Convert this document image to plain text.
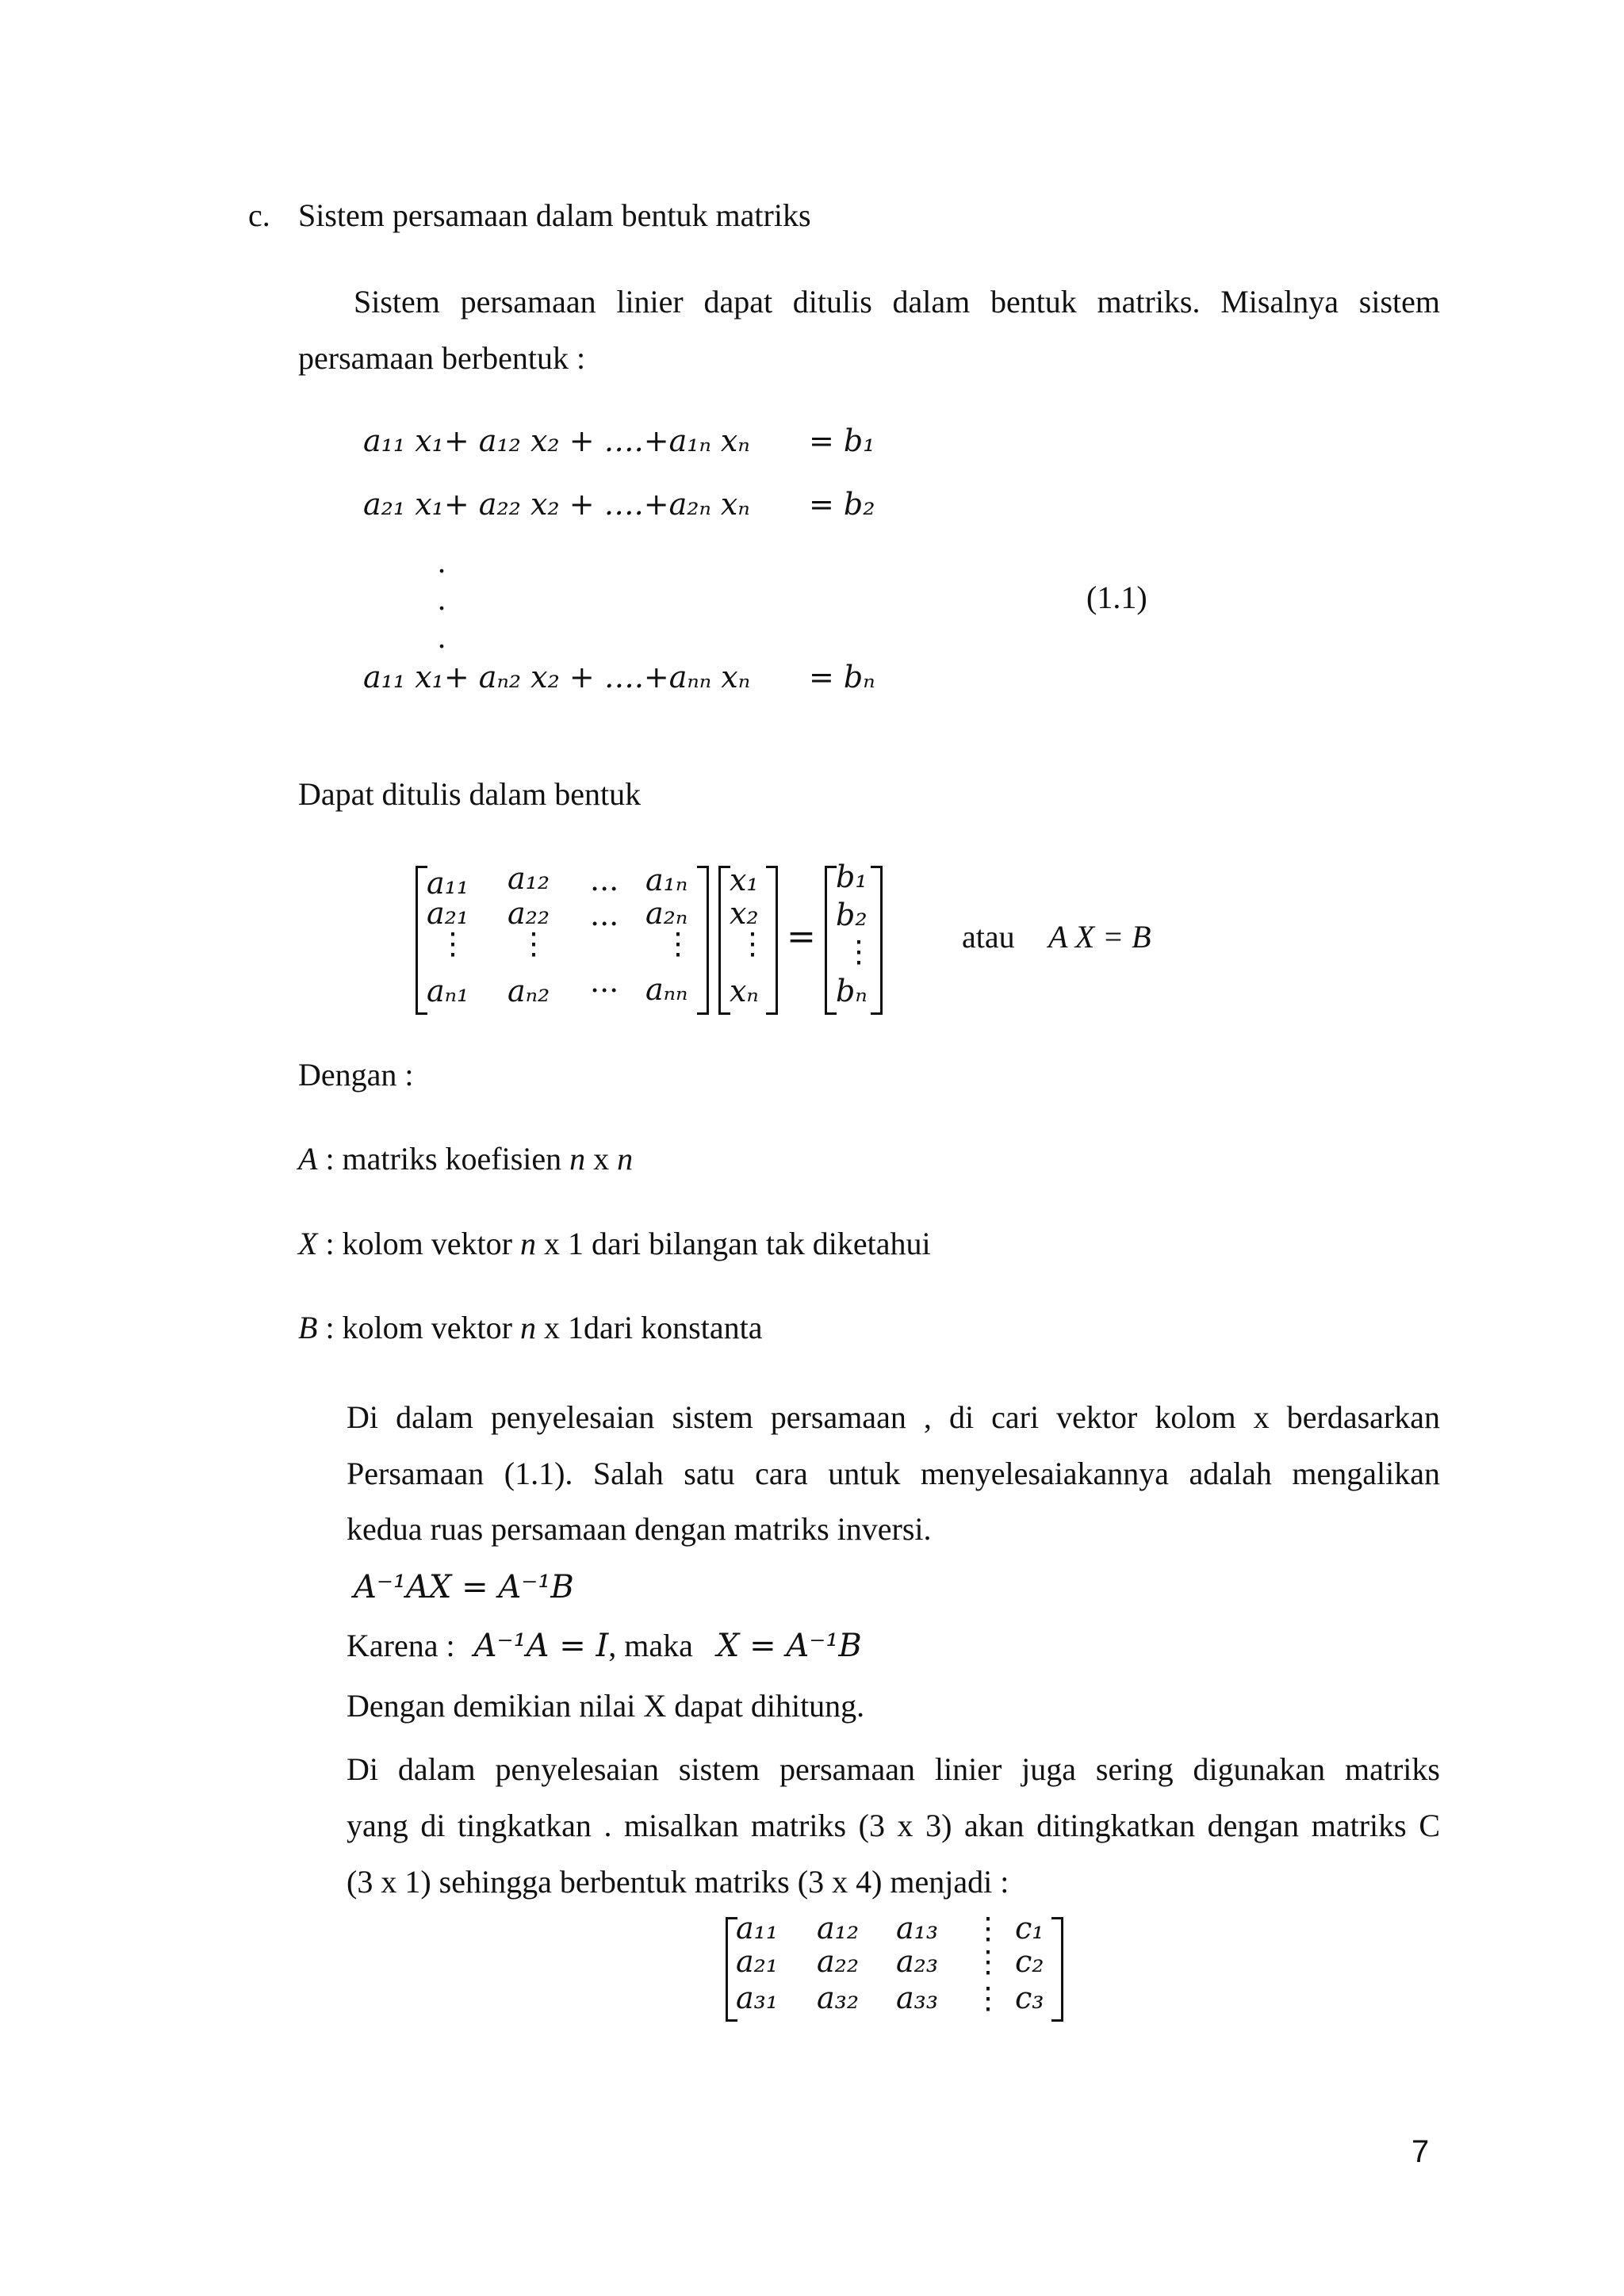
c. Sistem persamaan dalam bentuk matriks
Sistem persamaan linier dapat ditulis dalam bentuk matriks. Misalnya sistem
persamaan berbentuk :
a₁₁ x₁+ a₁₂ x₂ + ….+a₁ₙ xₙ = b₁
a₂₁ x₁+ a₂₂ x₂ + ….+a₂ₙ xₙ = b₂
.
.
.
(1.1)
a₁₁ x₁+ aₙ₂ x₂ + ….+aₙₙ xₙ = bₙ
Dapat ditulis dalam bentuk
a₁₁ a₁₂ ... a₁ₙ
a₂₁ a₂₂ ... a₂ₙ
⋮ ⋮	⋮
aₙ₁ aₙ₂ ... aₙₙ
x₁
x₂
⋮
xₙ
=
b₁
b₂
⋮
bₙ
atau A X = B
Dengan :
A : matriks koefisien n x n
X : kolom vektor n x 1 dari bilangan tak diketahui
B : kolom vektor n x 1dari konstanta
Di dalam penyelesaian sistem persamaan , di cari vektor kolom x berdasarkan
Persamaan (1.1). Salah satu cara untuk menyelesaiakannya adalah mengalikan
kedua ruas persamaan dengan matriks inversi.
A⁻¹AX = A⁻¹B
Karena : A⁻¹A = I, maka X = A⁻¹B
Dengan demikian nilai X dapat dihitung.
Di dalam penyelesaian sistem persamaan linier juga sering digunakan matriks
yang di tingkatkan . misalkan matriks (3 x 3) akan ditingkatkan dengan matriks C
(3 x 1) sehingga berbentuk matriks (3 x 4) menjadi :
a₁₁ a₁₂ a₁₃ ⋮ c₁
a₂₁ a₂₂ a₂₃ ⋮ c₂
a₃₁ a₃₂ a₃₃ ⋮ c₃
7
